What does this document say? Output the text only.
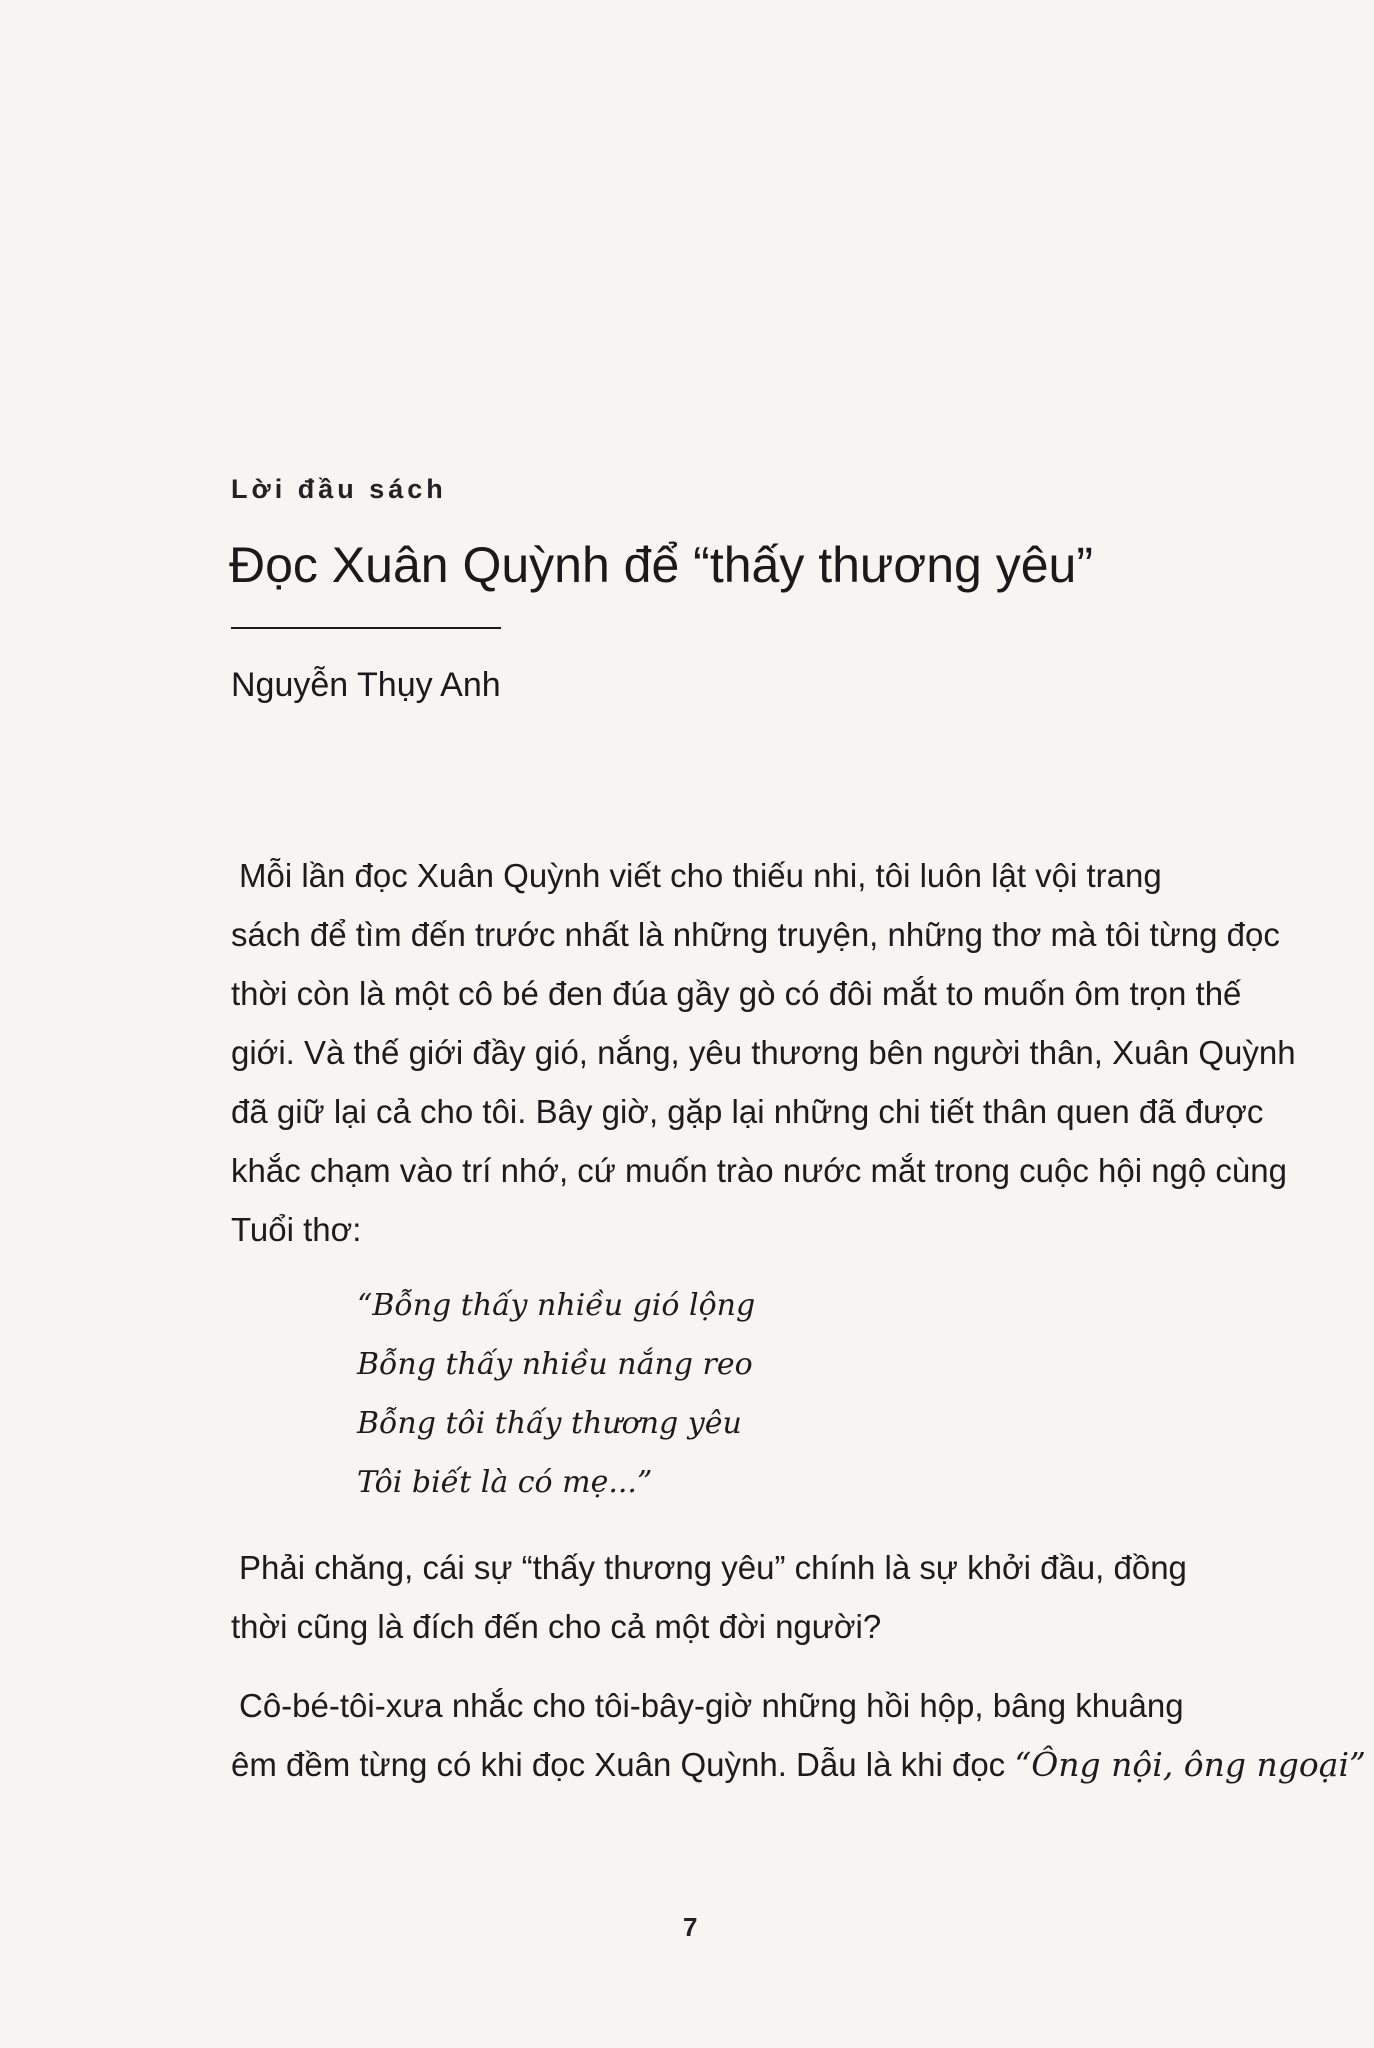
Lời đầu sách
Đọc Xuân Quỳnh để “thấy thương yêu”
Nguyễn Thụy Anh
Mỗi lần đọc Xuân Quỳnh viết cho thiếu nhi, tôi luôn lật vội trang
sách để tìm đến trước nhất là những truyện, những thơ mà tôi từng đọc
thời còn là một cô bé đen đúa gầy gò có đôi mắt to muốn ôm trọn thế
giới. Và thế giới đầy gió, nắng, yêu thương bên người thân, Xuân Quỳnh
đã giữ lại cả cho tôi. Bây giờ, gặp lại những chi tiết thân quen đã được
khắc chạm vào trí nhớ, cứ muốn trào nước mắt trong cuộc hội ngộ cùng
Tuổi thơ:
“Bỗng thấy nhiều gió lộng
Bỗng thấy nhiều nắng reo
Bỗng tôi thấy thương yêu
Tôi biết là có mẹ...”
Phải chăng, cái sự “thấy thương yêu” chính là sự khởi đầu, đồng
thời cũng là đích đến cho cả một đời người?
Cô-bé-tôi-xưa nhắc cho tôi-bây-giờ những hồi hộp, bâng khuâng
êm đềm từng có khi đọc Xuân Quỳnh. Dẫu là khi đọc “Ông nội, ông ngoại”
7
